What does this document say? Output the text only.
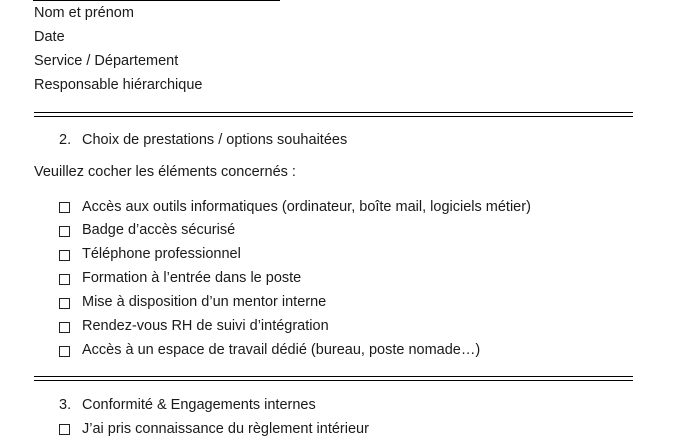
Nom et prénom
Date
Service / Département
Responsable hiérarchique
2. Choix de prestations / options souhaitées
Veuillez cocher les éléments concernés :
Accès aux outils informatiques (ordinateur, boîte mail, logiciels métier)
Badge d’accès sécurisé
Téléphone professionnel
Formation à l’entrée dans le poste
Mise à disposition d’un mentor interne
Rendez-vous RH de suivi d’intégration
Accès à un espace de travail dédié (bureau, poste nomade…)
3. Conformité & Engagements internes
J’ai pris connaissance du règlement intérieur
